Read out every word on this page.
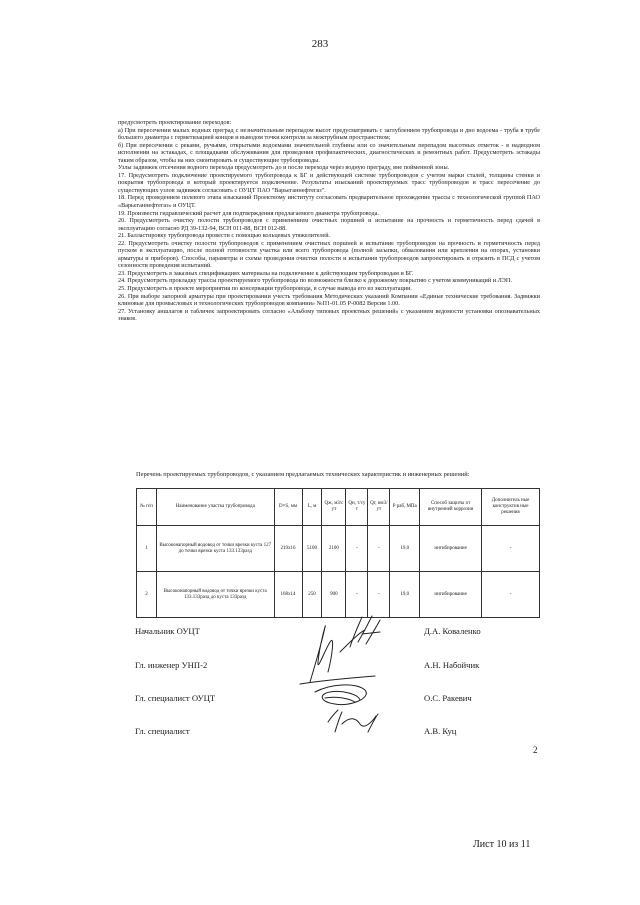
283

предусмотреть проектирование переходов:

а) При пересечении малых водных преград с незначительным перепадом высот предусматривать с заглублением трубопровода и дно водоема - труба в трубе большего диаметра с герметизацией концов и выводом точки контроля за межтрубным пространством;

б) При пересечении с реками, ручьями, открытыми водоемами значительной глубины или со значительным перепадом высотных отметок - в надводном исполнении на эстакадах, с площадками обслуживания для проведения профилактических, диагностических и ремонтных работ. Предусмотреть эстакады таким образом, чтобы на них смонтировать и существующие трубопроводы.

Узлы задвижек отсечения водного перехода предусмотреть до и после перехода через водную преграду, вне пойменной зоны.

17. Предусмотреть подключение проектируемого трубопровода к БГ и действующей системе трубопроводов с учетом марки сталей, толщины стенки и покрытия трубопровода в который проектируется подключение. Результаты изысканий проектируемых трасс трубопроводов и трасс пересечение до существующих узлов задвижек согласовать с ОУЦТ ПАО "Варьеганнефтегаз".

18. Перед проведением полевого этапа изысканий Проектному институту согласовать предварительное прохождение трассы с технологической группой ПАО «Варьеганнефтегаз» и ОУЦТ.

19. Произвести гидравлический расчет для подтверждения предлагаемого диаметра трубопровода.

20. Предусмотреть очистку полости трубопроводов с применением очистных поршней и испытание на прочность и герметичность перед сдачей в эксплуатацию согласно РД 39-132-94, ВСН 011-88, ВСН 012-88.

21. Балластировку трубопровода провести с помощью кольцевых утяжелителей.

22. Предусмотреть очистку полости трубопроводов с применением очистных поршней и испытание трубопроводов на прочность и герметичность перед пуском в эксплуатацию, после полной готовности участка или всего трубопровода (полной засыпки, обвалования или крепления на опорах, установки арматуры и приборов). Способы, параметры и схемы проведения очистки полости и испытания трубопроводов запроектировать и отразить в ПСД с учетом сезонности проведения испытаний.

23. Предусмотреть в заказных спецификациях материалы на подключение к действующим трубопроводам и БГ.

24. Предусмотреть прокладку трассы проектируемого трубопровода по возможности близко к дорожному покрытию с учетом коммуникаций и ЛЭП.

25. Предусмотреть в проекте мероприятия по консервации трубопровода, в случае вывода его из эксплуатации.

26. При выборе запорной арматуры при проектировании учесть требования Методических указаний Компании «Единые технические требования. Задвижки клиновые для промысловых и технологических трубопроводов компании» №П1-01.05 Р-0082 Версия 1.00.

27. Установку аншлагов и табличек запроектировать согласно «Альбому типовых проектных решений» с указанием ведомости установки опознавательных знаков.

Перечень проектируемых трубопроводов, с указанием предлагаемых технических характеристик и инженерных решений:
№ п/п	Наименование участка трубопровода	D×S, мм	L, м	Qж, м3/с ут	Qн, т/су т	Qг, нм3/ ут	Р раб, МПа	Способ защиты от внутренней коррозии	Дополнитель ные конструктив ные решения
1	Высоконапорный водовод от точки врезки куста 127 до точки врезки куста 133.133разд	219х16	5100	2100	-	-	19,0	ингибирование	-
2	Высоконапорный водовод от точки врезки куста 133.133разд до куста 133разд	168х14	250	900	-	-	19,0	ингибирование	-
Начальник ОУЦТ	Д.А. Коваленко
Гл. инженер УНП-2	А.Н. Набойчик
Гл. специалист ОУЦТ	О.С. Ракевич
Гл. специалист	А.В. Куц
2
Лист 10 из 11
